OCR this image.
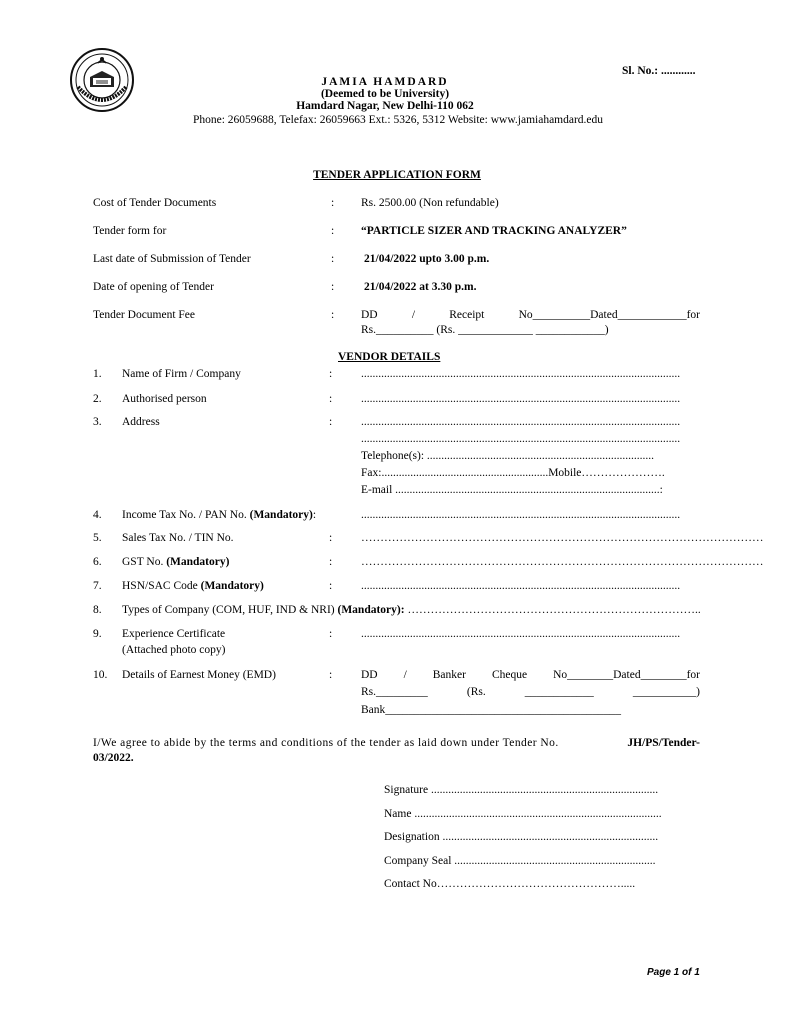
Sl. No.: ............
JAMIA HAMDARD
(Deemed to be University)
Hamdard Nagar, New Delhi-110 062
Phone: 26059688, Telefax: 26059663 Ext.: 5326, 5312 Website: www.jamiahamdard.edu
TENDER APPLICATION FORM
Cost of Tender Documents	: Rs. 2500.00 (Non refundable)
Tender form for	: “PARTICLE SIZER AND TRACKING ANALYZER”
Last date of Submission of Tender	:	21/04/2022 upto 3.00 p.m.
Date of opening of Tender	:	21/04/2022 at 3.30 p.m.
Tender Document Fee	: DD	/	Receipt	No__________Dated____________for
Rs.__________ (Rs. _____________ ____________)
VENDOR DETAILS
1. Name of Firm / Company	:	...............................................................................................................
2. Authorised person	:	...............................................................................................................
3. Address	:	...............................................................................................................
...............................................................................................................
Telephone(s): ...............................................................................
Fax:..........................................................Mobile………………….
E-mail ............................................................................................:
4. Income Tax No. / PAN No. (Mandatory):	...............................................................................................................
5. Sales Tax No. / TIN No.	:	……………………………………………………………………………………………
6. GST No. (Mandatory)	:	……………………………………………………………………………………………
7. HSN/SAC Code (Mandatory)	:	...............................................................................................................
8. Types of Company (COM, HUF, IND & NRI) (Mandatory): …………………………………………………………………..
9. Experience Certificate
(Attached photo copy)
:	...............................................................................................................
10. Details of Earnest Money (EMD)	:	DD / Banker Cheque No________Dated________for
Rs._________	(Rs.	____________	___________)
Bank_________________________________________
I/We agree to abide by the terms and conditions of the tender as laid down under Tender No.	JH/PS/Tender-
03/2022.
Signature ...............................................................................
Name ......................................................................................
Designation ...........................................................................
Company Seal ......................................................................
Contact No………………………………………….....
Page 1 of 1
